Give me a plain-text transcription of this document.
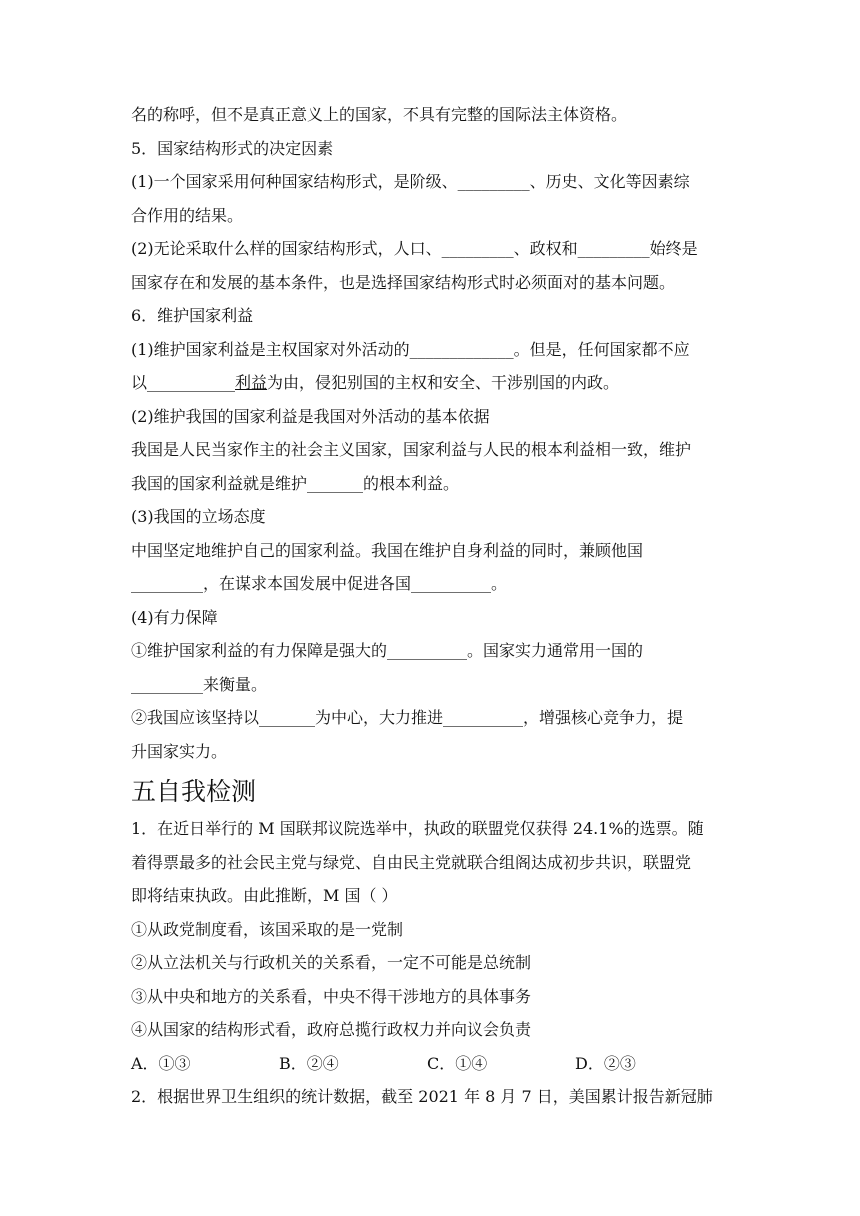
名的称呼，但不是真正意义上的国家，不具有完整的国际法主体资格。
5．国家结构形式的决定因素
(1)一个国家采用何种国家结构形式，是阶级、_________、历史、文化等因素综
合作用的结果。
(2)无论采取什么样的国家结构形式，人口、_________、政权和_________始终是
国家存在和发展的基本条件，也是选择国家结构形式时必须面对的基本问题。
6．维护国家利益
(1)维护国家利益是主权国家对外活动的_____________。但是，任何国家都不应
以___________利益为由，侵犯别国的主权和安全、干涉别国的内政。
(2)维护我国的国家利益是我国对外活动的基本依据
我国是人民当家作主的社会主义国家，国家利益与人民的根本利益相一致，维护
我国的国家利益就是维护_______的根本利益。
(3)我国的立场态度
中国坚定地维护自己的国家利益。我国在维护自身利益的同时，兼顾他国
_________，在谋求本国发展中促进各国__________。
(4)有力保障
①维护国家利益的有力保障是强大的__________。国家实力通常用一国的
_________来衡量。
②我国应该坚持以_______为中心，大力推进__________，增强核心竞争力，提
升国家实力。
五自我检测
1．在近日举行的 M 国联邦议院选举中，执政的联盟党仅获得 24.1%的选票。随
着得票最多的社会民主党与绿党、自由民主党就联合组阁达成初步共识，联盟党
即将结束执政。由此推断，M 国（ ）
①从政党制度看，该国采取的是一党制
②从立法机关与行政机关的关系看，一定不可能是总统制
③从中央和地方的关系看，中央不得干涉地方的具体事务
④从国家的结构形式看，政府总揽行政权力并向议会负责
A．①③	B．②④	C．①④	D．②③
2．根据世界卫生组织的统计数据，截至 2021 年 8 月 7 日，美国累计报告新冠肺
